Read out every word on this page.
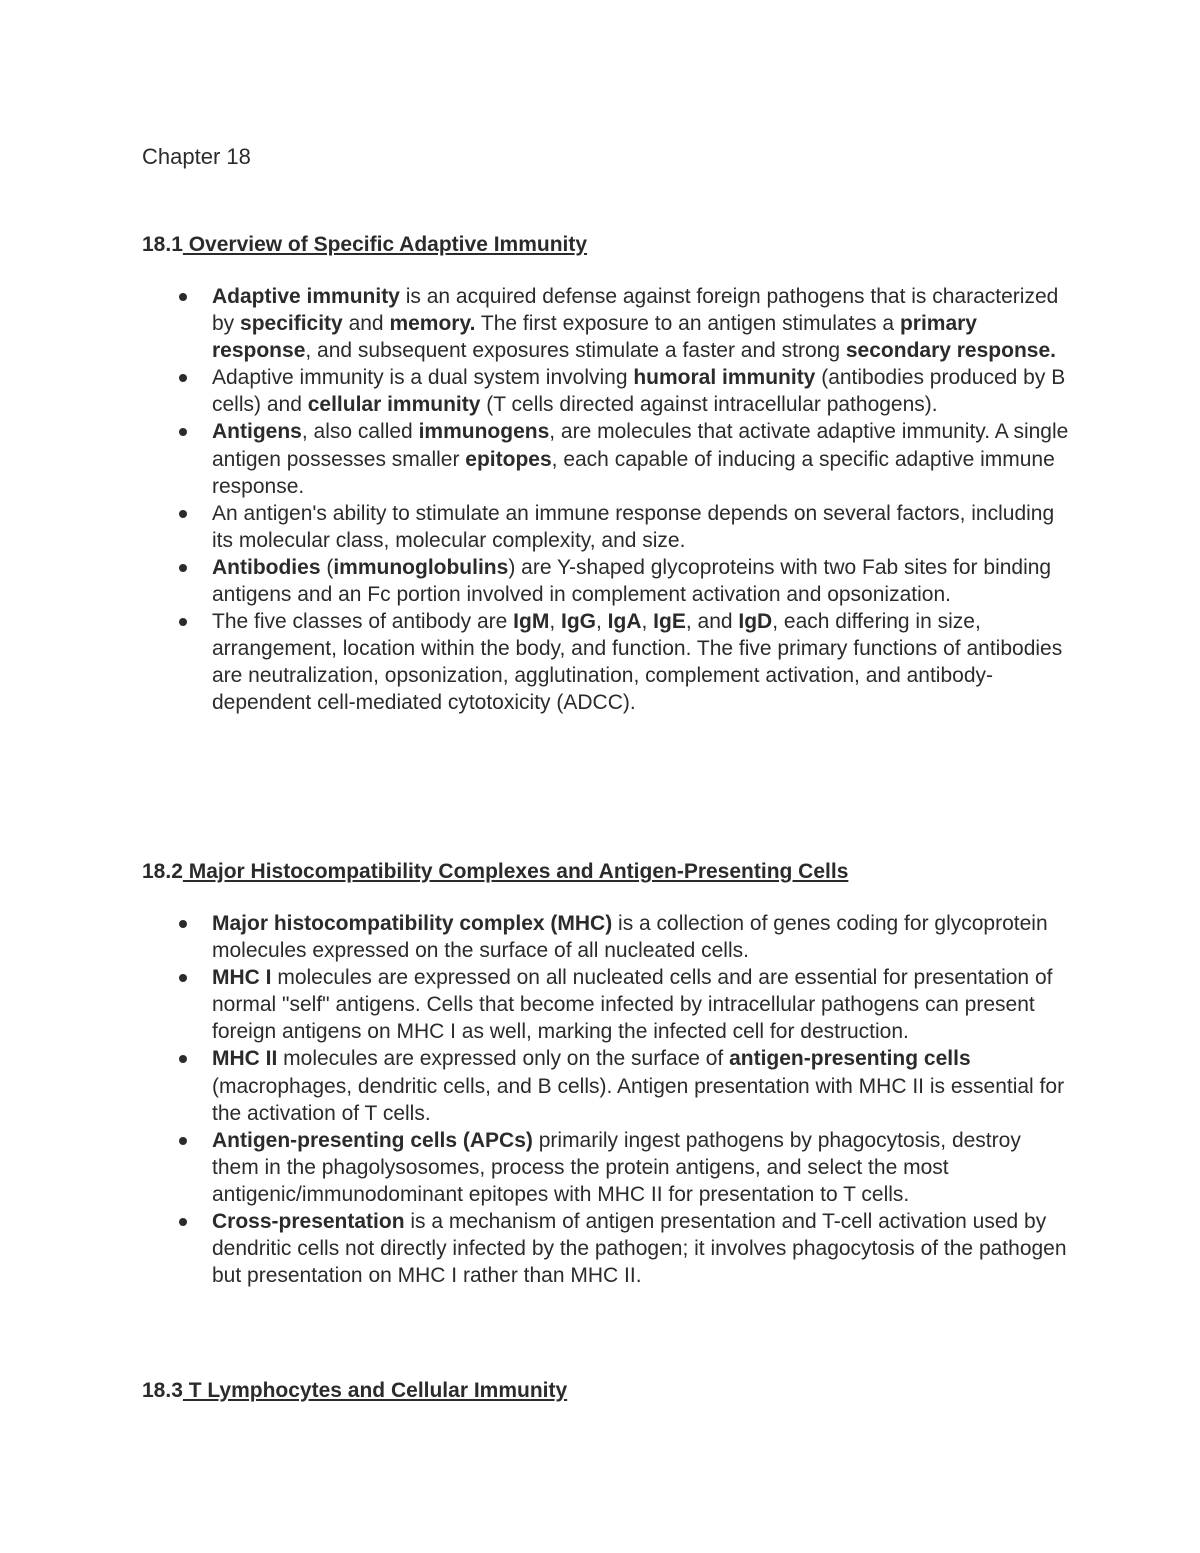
Chapter 18
18.1 Overview of Specific Adaptive Immunity
Adaptive immunity is an acquired defense against foreign pathogens that is characterized by specificity and memory. The first exposure to an antigen stimulates a primary response, and subsequent exposures stimulate a faster and strong secondary response.
Adaptive immunity is a dual system involving humoral immunity (antibodies produced by B cells) and cellular immunity (T cells directed against intracellular pathogens).
Antigens, also called immunogens, are molecules that activate adaptive immunity. A single antigen possesses smaller epitopes, each capable of inducing a specific adaptive immune response.
An antigen's ability to stimulate an immune response depends on several factors, including its molecular class, molecular complexity, and size.
Antibodies (immunoglobulins) are Y-shaped glycoproteins with two Fab sites for binding antigens and an Fc portion involved in complement activation and opsonization.
The five classes of antibody are IgM, IgG, IgA, IgE, and IgD, each differing in size, arrangement, location within the body, and function. The five primary functions of antibodies are neutralization, opsonization, agglutination, complement activation, and antibody-dependent cell-mediated cytotoxicity (ADCC).
18.2 Major Histocompatibility Complexes and Antigen-Presenting Cells
Major histocompatibility complex (MHC) is a collection of genes coding for glycoprotein molecules expressed on the surface of all nucleated cells.
MHC I molecules are expressed on all nucleated cells and are essential for presentation of normal "self" antigens. Cells that become infected by intracellular pathogens can present foreign antigens on MHC I as well, marking the infected cell for destruction.
MHC II molecules are expressed only on the surface of antigen-presenting cells (macrophages, dendritic cells, and B cells). Antigen presentation with MHC II is essential for the activation of T cells.
Antigen-presenting cells (APCs) primarily ingest pathogens by phagocytosis, destroy them in the phagolysosomes, process the protein antigens, and select the most antigenic/immunodominant epitopes with MHC II for presentation to T cells.
Cross-presentation is a mechanism of antigen presentation and T-cell activation used by dendritic cells not directly infected by the pathogen; it involves phagocytosis of the pathogen but presentation on MHC I rather than MHC II.
18.3 T Lymphocytes and Cellular Immunity
